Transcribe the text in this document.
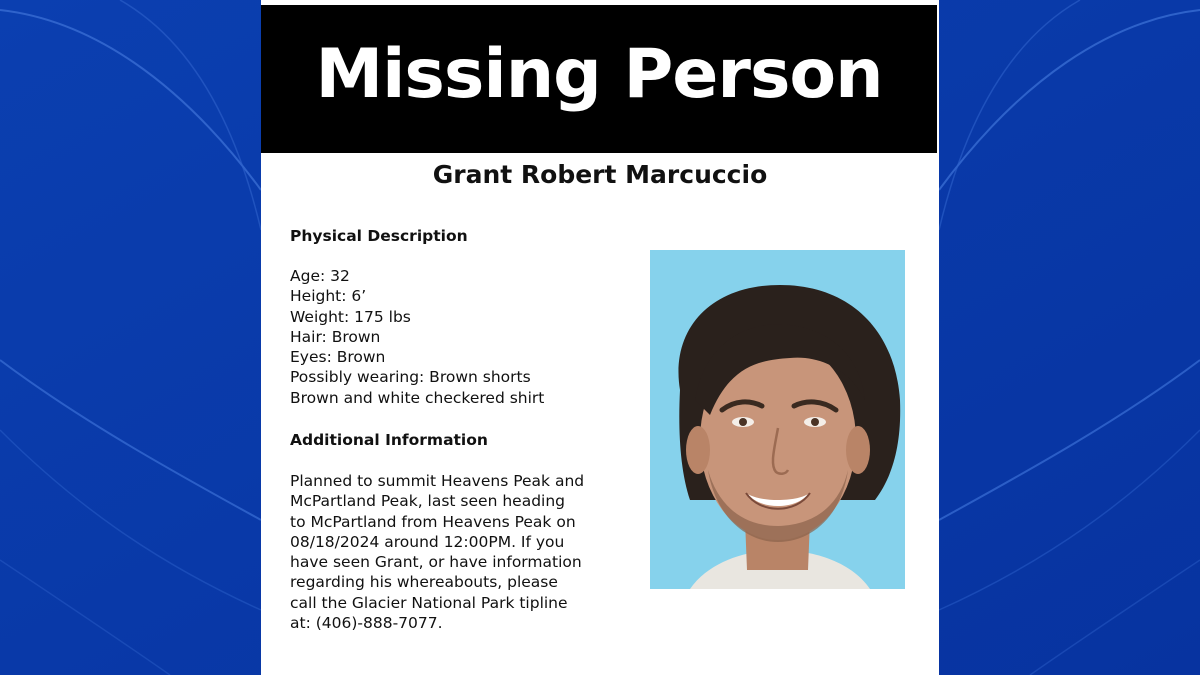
Missing Person
Grant Robert Marcuccio
Physical Description
Age: 32
Height: 6’
Weight: 175 lbs
Hair: Brown
Eyes: Brown
Possibly wearing: Brown shorts
Brown and white checkered shirt
Additional Information

Planned to summit Heavens Peak and
McPartland Peak, last seen heading
to McPartland from Heavens Peak on
08/18/2024 around 12:00PM. If you
have seen Grant, or have information
regarding his whereabouts, please
call the Glacier National Park tipline
at: (406)-888-7077.
